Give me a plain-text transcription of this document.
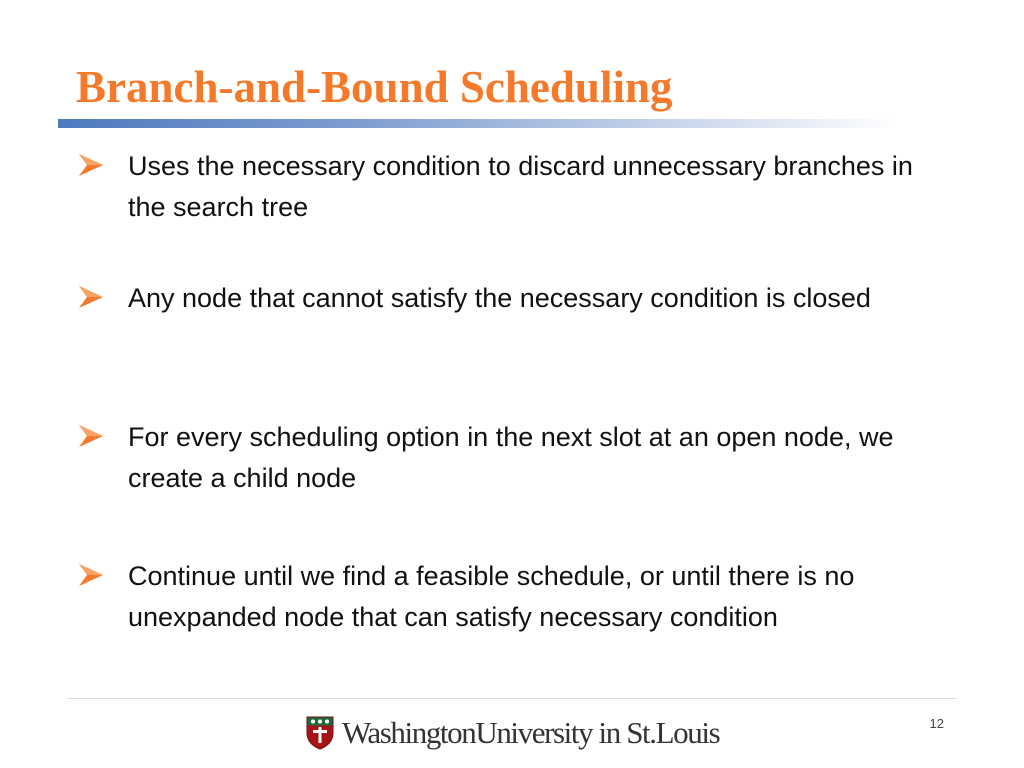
Branch-and-Bound Scheduling
Uses the necessary condition to discard unnecessary branches in the search tree
Any node that cannot satisfy the necessary condition is closed
For every scheduling option in the next slot at an open node, we create a child node
Continue until we find a feasible schedule, or until there is no unexpanded node that can satisfy necessary condition
WashingtonUniversity in St.Louis	12
